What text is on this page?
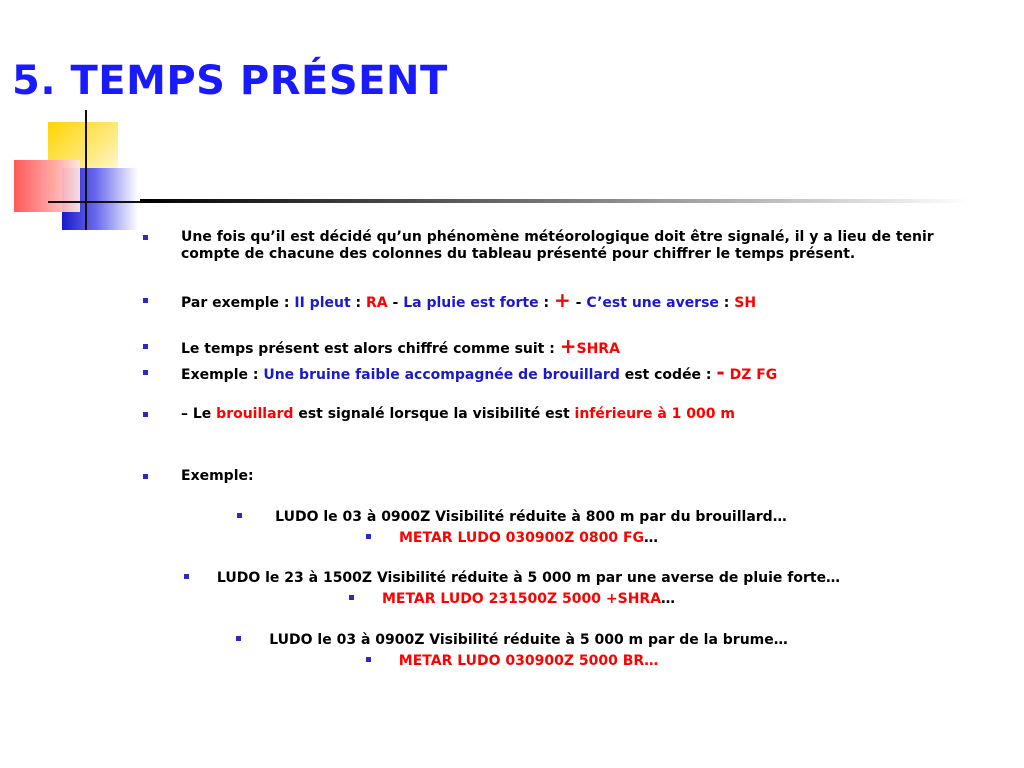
5. TEMPS PRÉSENT
Une fois qu’il est décidé qu’un phénomène météorologique doit être signalé, il y a lieu de tenir compte de chacune des colonnes du tableau présenté pour chiffrer le temps présent.
Par exemple : II pleut : RA - La pluie est forte : + - C’est une averse : SH
Le temps présent est alors chiffré comme suit : +SHRA
Exemple : Une bruine faible accompagnée de brouillard est codée : - DZ FG
– Le brouillard est signalé lorsque la visibilité est inférieure à 1 000 m
Exemple:
LUDO le 03 à 0900Z Visibilité réduite à 800 m par du brouillard…
METAR LUDO 030900Z 0800 FG…
LUDO le 23 à 1500Z Visibilité réduite à 5 000 m par une averse de pluie forte…
METAR LUDO 231500Z 5000 +SHRA…
LUDO le 03 à 0900Z Visibilité réduite à 5 000 m par de la brume…
METAR LUDO 030900Z 5000 BR…
